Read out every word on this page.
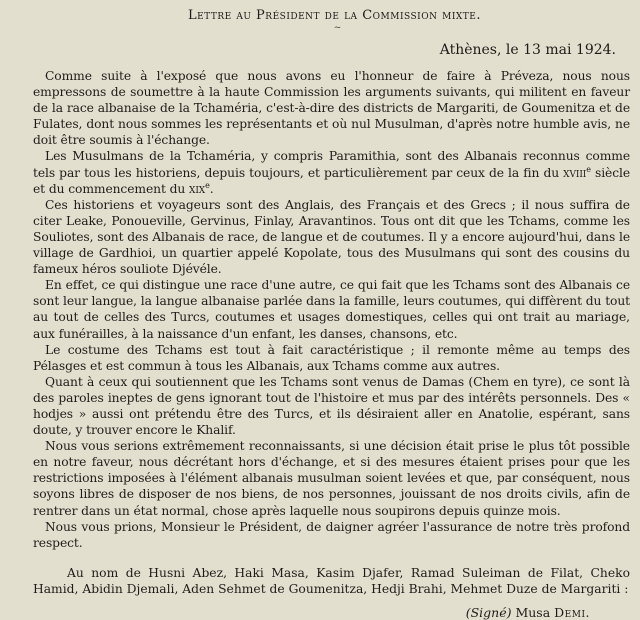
Lettre au Président de la Commission mixte.
~
Athènes, le 13 mai 1924.

Comme suite à l'exposé que nous avons eu l'honneur de faire à Préveza, nous nous empressons de soumettre à la haute Commission les arguments suivants, qui militent en faveur de la race albanaise de la Tchaméria, c'est-à-dire des districts de Margariti, de Goumenitza et de Fulates, dont nous sommes les représentants et où nul Musulman, d'après notre humble avis, ne doit être soumis à l'échange.

Les Musulmans de la Tchaméria, y compris Paramithia, sont des Albanais reconnus comme tels par tous les historiens, depuis toujours, et particulièrement par ceux de la fin du xviii$^e$ siècle et du commencement du xix$^e$.

Ces historiens et voyageurs sont des Anglais, des Français et des Grecs ; il nous suffira de citer Leake, Ponoueville, Gervinus, Finlay, Aravantinos. Tous ont dit que les Tchams, comme les Souliotes, sont des Albanais de race, de langue et de coutumes. Il y a encore aujourd'hui, dans le village de Gardhioi, un quartier appelé Kopolate, tous des Musulmans qui sont des cousins du fameux héros souliote Djévéle.

En effet, ce qui distingue une race d'une autre, ce qui fait que les Tchams sont des Albanais ce sont leur langue, la langue albanaise parlée dans la famille, leurs coutumes, qui diffèrent du tout au tout de celles des Turcs, coutumes et usages domestiques, celles qui ont trait au mariage, aux funérailles, à la naissance d'un enfant, les danses, chansons, etc.

Le costume des Tchams est tout à fait caractéristique ; il remonte même au temps des Pélasges et est commun à tous les Albanais, aux Tchams comme aux autres.

Quant à ceux qui soutiennent que les Tchams sont venus de Damas (Chem en tyre), ce sont là des paroles ineptes de gens ignorant tout de l'histoire et mus par des intérêts personnels. Des « hodjes » aussi ont prétendu être des Turcs, et ils désiraient aller en Anatolie, espérant, sans doute, y trouver encore le Khalif.

Nous vous serions extrêmement reconnaissants, si une décision était prise le plus tôt possible en notre faveur, nous décrétant hors d'échange, et si des mesures étaient prises pour que les restrictions imposées à l'élément albanais musulman soient levées et que, par conséquent, nous soyons libres de disposer de nos biens, de nos personnes, jouissant de nos droits civils, afin de rentrer dans un état normal, chose après laquelle nous soupirons depuis quinze mois.

Nous vous prions, Monsieur le Président, de daigner agréer l'assurance de notre très profond respect.

Au nom de Husni Abez, Haki Masa, Kasim Djafer, Ramad Suleiman de Filat, Cheko Hamid, Abidin Djemali, Aden Sehmet de Goumenitza, Hedji Brahi, Mehmet Duze de Margariti :
(Signé) Musa Demi.
